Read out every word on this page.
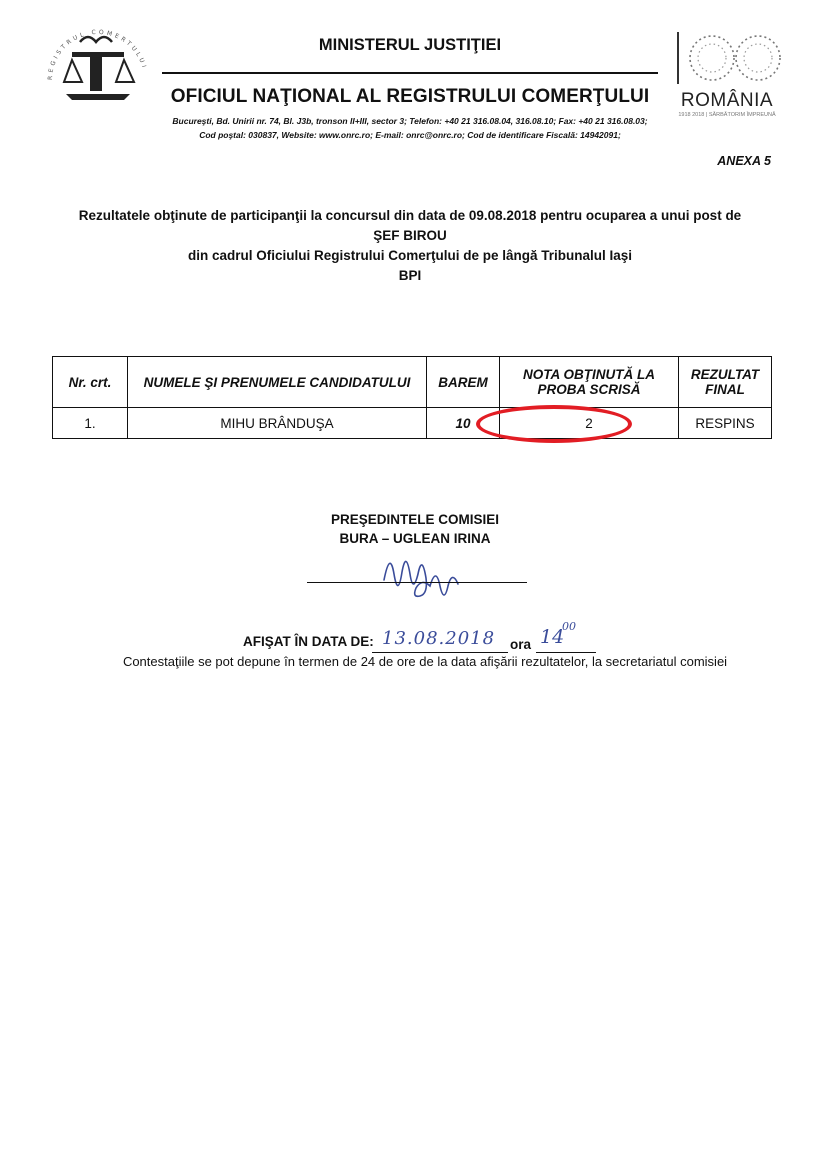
REGISTRUL COMERTULUI
MINISTERUL JUSTIŢIEI
OFICIUL NAŢIONAL AL REGISTRULUI COMERŢULUI
Bucureşti, Bd. Unirii nr. 74, Bl. J3b, tronson II+III, sector 3; Telefon: +40 21 316.08.04, 316.08.10; Fax: +40 21 316.08.03;
Cod poştal: 030837, Website: www.onrc.ro; E-mail: onrc@onrc.ro; Cod de identificare Fiscală: 14942091;
ROMÂNIA
1918 2018 | SĂRBĂTORIM ÎMPREUNĂ
ANEXA 5
Rezultatele obţinute de participanţii la concursul din data de 09.08.2018 pentru ocuparea a unui post de
ŞEF BIROU
din cadrul Oficiului Registrului Comerţului de pe lângă Tribunalul Iaşi
BPI
Nr. crt.	NUMELE ŞI PRENUMELE CANDIDATULUI	BAREM	NOTA OBŢINUTĂ LA PROBA SCRISĂ	REZULTAT FINAL
1.	MIHU BRÂNDUŞA	10	2	RESPINS
PREŞEDINTELE COMISIEI
BURA – UGLEAN IRINA
AFIŞAT ÎN DATA DE: 13.08.2018 ora 14
00
Contestaţiile se pot depune în termen de 24 de ore de la data afişării rezultatelor, la secretariatul comisiei
